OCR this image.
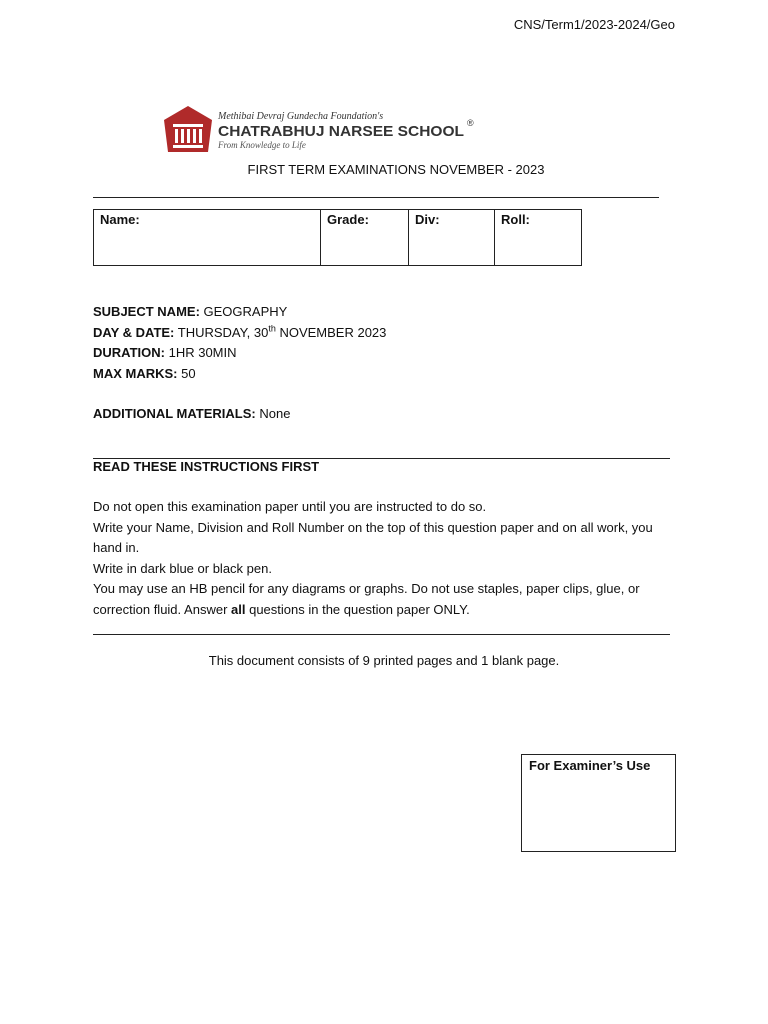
CNS/Term1/2023-2024/Geo
Methibai Devraj Gundecha Foundation's
CHATRABHUJ NARSEE SCHOOL ®
From Knowledge to Life
FIRST TERM EXAMINATIONS NOVEMBER - 2023
Name:	Grade:	Div:	Roll:

SUBJECT NAME: GEOGRAPHY

DAY & DATE: THURSDAY, 30th NOVEMBER 2023

DURATION: 1HR 30MIN

MAX MARKS: 50

ADDITIONAL MATERIALS: None

READ THESE INSTRUCTIONS FIRST

Do not open this examination paper until you are instructed to do so.

Write your Name, Division and Roll Number on the top of this question paper and on all work, you hand in.

Write in dark blue or black pen.

You may use an HB pencil for any diagrams or graphs. Do not use staples, paper clips, glue, or correction fluid. Answer all questions in the question paper ONLY.

This document consists of 9 printed pages and 1 blank page.
For Examiner’s Use
